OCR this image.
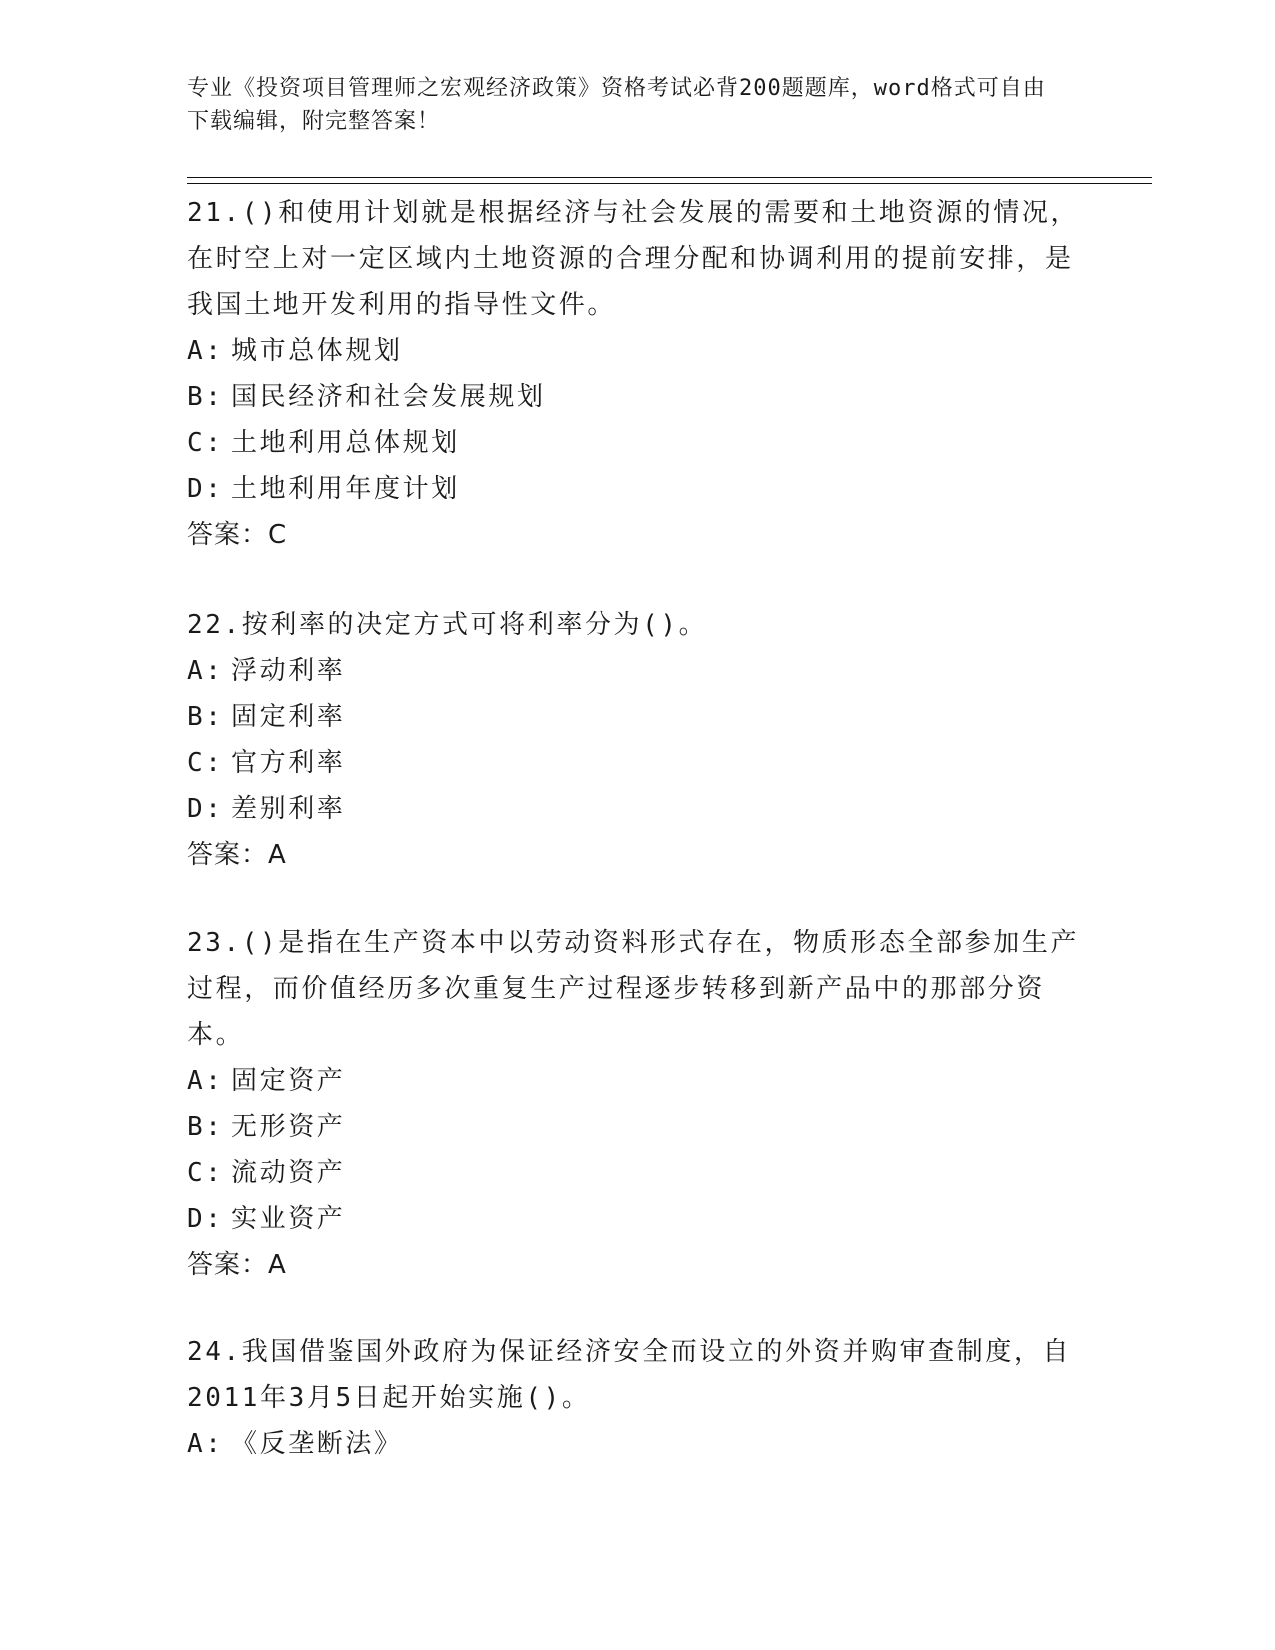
专业《投资项目管理师之宏观经济政策》资格考试必背200题题库，word格式可自由下载编辑，附完整答案！

21.()和使用计划就是根据经济与社会发展的需要和土地资源的情况，在时空上对一定区域内土地资源的合理分配和协调利用的提前安排，是我国土地开发利用的指导性文件。

A: 城市总体规划

B: 国民经济和社会发展规划

C: 土地利用总体规划

D: 土地利用年度计划

答案：C

22.按利率的决定方式可将利率分为()。

A: 浮动利率

B: 固定利率

C: 官方利率

D: 差别利率

答案：A

23.()是指在生产资本中以劳动资料形式存在，物质形态全部参加生产过程，而价值经历多次重复生产过程逐步转移到新产品中的那部分资本。

A: 固定资产

B: 无形资产

C: 流动资产

D: 实业资产

答案：A

24.我国借鉴国外政府为保证经济安全而设立的外资并购审查制度，自2011年3月5日起开始实施()。

A: 《反垄断法》
